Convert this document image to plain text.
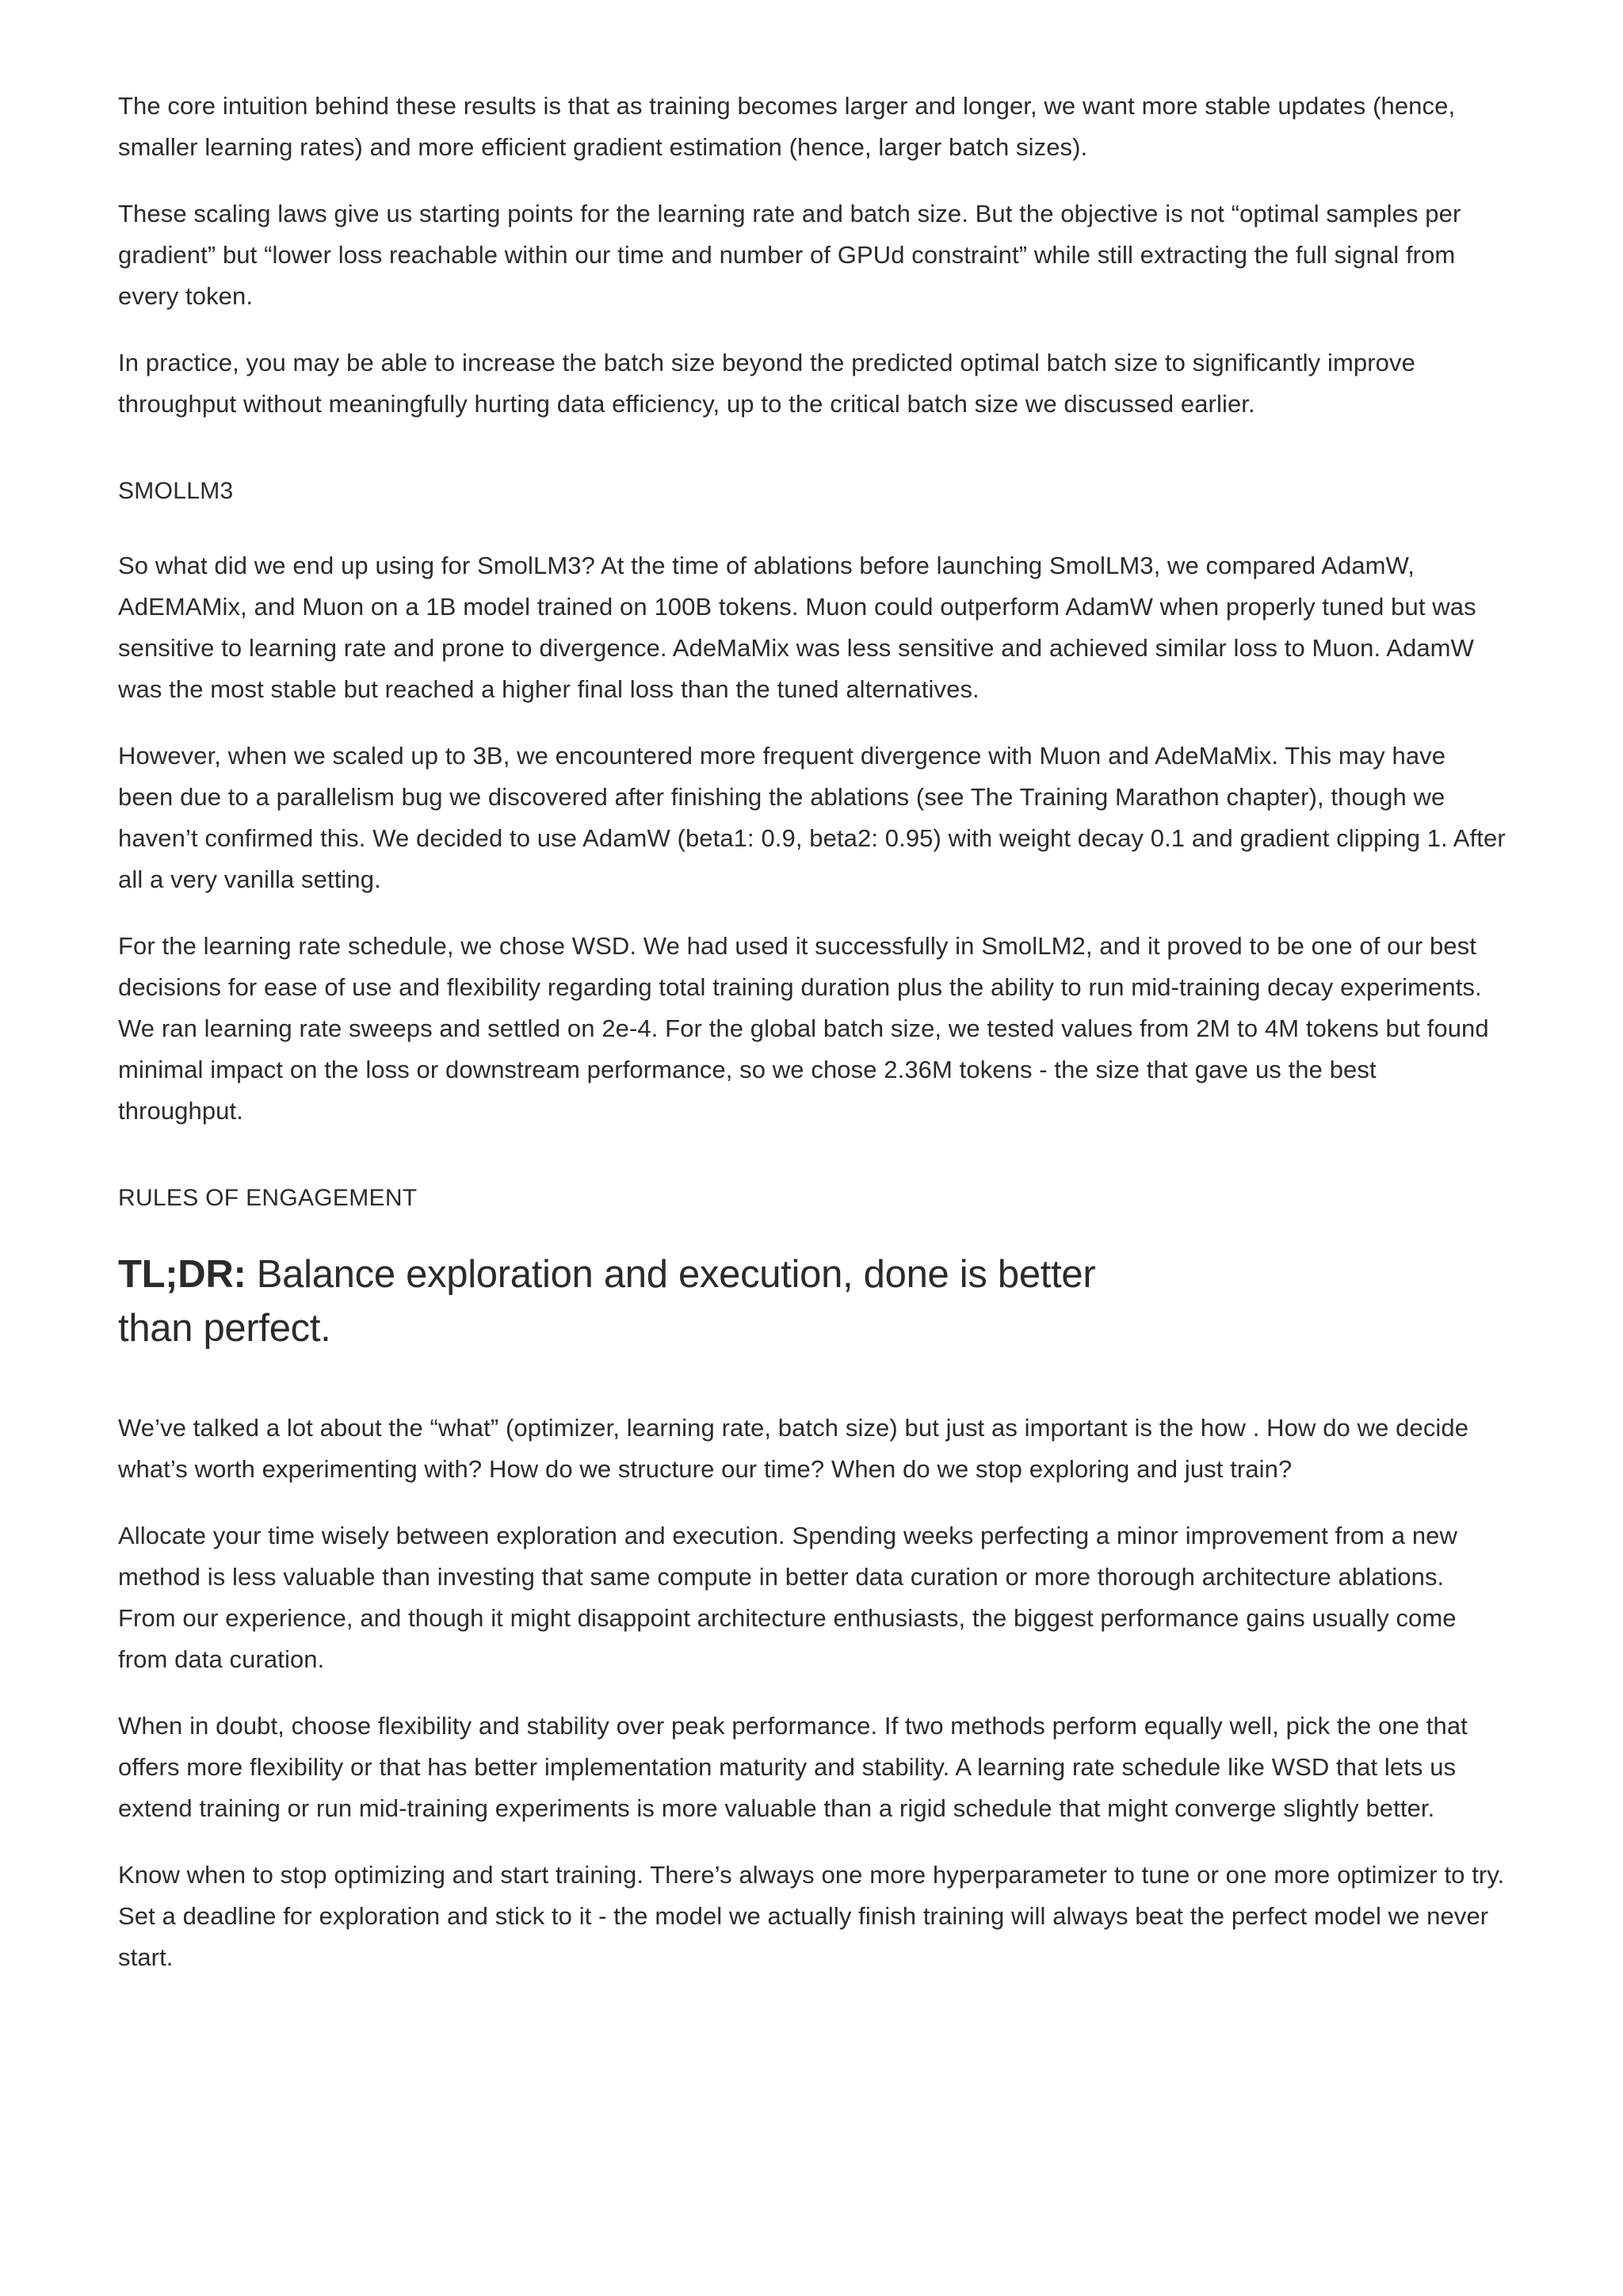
The core intuition behind these results is that as training becomes larger and longer, we want more stable updates (hence, smaller learning rates) and more efficient gradient estimation (hence, larger batch sizes).

These scaling laws give us starting points for the learning rate and batch size. But the objective is not “optimal samples per gradient” but “lower loss reachable within our time and number of GPUd constraint” while still extracting the full signal from every token.

In practice, you may be able to increase the batch size beyond the predicted optimal batch size to significantly improve throughput without meaningfully hurting data efficiency, up to the critical batch size we discussed earlier.

SMOLLM3

So what did we end up using for SmolLM3? At the time of ablations before launching SmolLM3, we compared AdamW, AdEMAMix, and Muon on a 1B model trained on 100B tokens. Muon could outperform AdamW when properly tuned but was sensitive to learning rate and prone to divergence. AdeMaMix was less sensitive and achieved similar loss to Muon. AdamW was the most stable but reached a higher final loss than the tuned alternatives.

However, when we scaled up to 3B, we encountered more frequent divergence with Muon and AdeMaMix. This may have been due to a parallelism bug we discovered after finishing the ablations (see The Training Marathon chapter), though we haven’t confirmed this. We decided to use AdamW (beta1: 0.9, beta2: 0.95) with weight decay 0.1 and gradient clipping 1. After all a very vanilla setting.

For the learning rate schedule, we chose WSD. We had used it successfully in SmolLM2, and it proved to be one of our best decisions for ease of use and flexibility regarding total training duration plus the ability to run mid-training decay experiments. We ran learning rate sweeps and settled on 2e-4. For the global batch size, we tested values from 2M to 4M tokens but found minimal impact on the loss or downstream performance, so we chose 2.36M tokens - the size that gave us the best throughput.

RULES OF ENGAGEMENT
TL;DR: Balance exploration and execution, done is better than perfect.

We’ve talked a lot about the “what” (optimizer, learning rate, batch size) but just as important is the how . How do we decide what’s worth experimenting with? How do we structure our time? When do we stop exploring and just train?

Allocate your time wisely between exploration and execution. Spending weeks perfecting a minor improvement from a new method is less valuable than investing that same compute in better data curation or more thorough architecture ablations. From our experience, and though it might disappoint architecture enthusiasts, the biggest performance gains usually come from data curation.

When in doubt, choose flexibility and stability over peak performance. If two methods perform equally well, pick the one that offers more flexibility or that has better implementation maturity and stability. A learning rate schedule like WSD that lets us extend training or run mid-training experiments is more valuable than a rigid schedule that might converge slightly better.

Know when to stop optimizing and start training. There’s always one more hyperparameter to tune or one more optimizer to try. Set a deadline for exploration and stick to it - the model we actually finish training will always beat the perfect model we never start.
